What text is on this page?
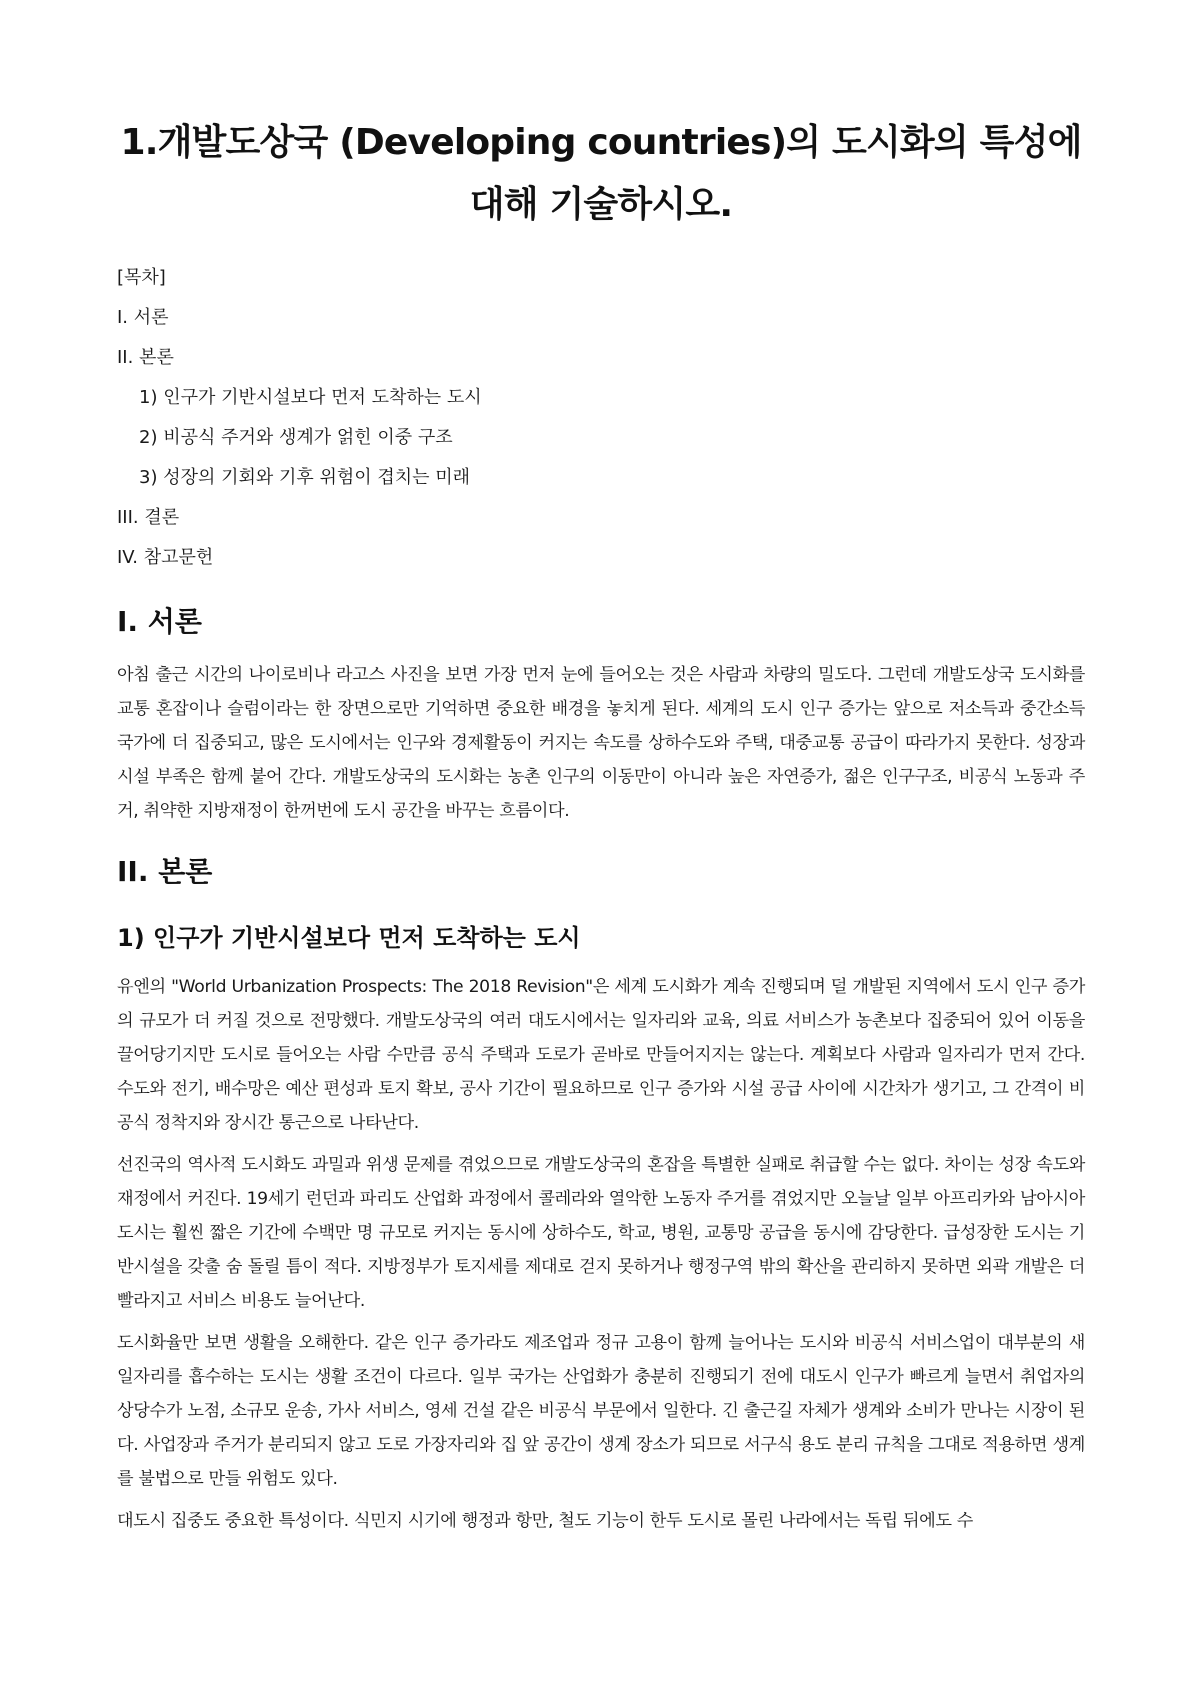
1.개발도상국 (Developing countries)의 도시화의 특성에 대해 기술하시오.
[목차]
I. 서론
II. 본론
1) 인구가 기반시설보다 먼저 도착하는 도시
2) 비공식 주거와 생계가 얽힌 이중 구조
3) 성장의 기회와 기후 위험이 겹치는 미래
III. 결론
IV. 참고문헌
I. 서론

아침 출근 시간의 나이로비나 라고스 사진을 보면 가장 먼저 눈에 들어오는 것은 사람과 차량의 밀도다. 그런데 개발도상국 도시화를 교통 혼잡이나 슬럼이라는 한 장면으로만 기억하면 중요한 배경을 놓치게 된다. 세계의 도시 인구 증가는 앞으로 저소득과 중간소득 국가에 더 집중되고, 많은 도시에서는 인구와 경제활동이 커지는 속도를 상하수도와 주택, 대중교통 공급이 따라가지 못한다. 성장과 시설 부족은 함께 붙어 간다. 개발도상국의 도시화는 농촌 인구의 이동만이 아니라 높은 자연증가, 젊은 인구구조, 비공식 노동과 주거, 취약한 지방재정이 한꺼번에 도시 공간을 바꾸는 흐름이다.

II. 본론
1) 인구가 기반시설보다 먼저 도착하는 도시

유엔의 "World Urbanization Prospects: The 2018 Revision"은 세계 도시화가 계속 진행되며 덜 개발된 지역에서 도시 인구 증가의 규모가 더 커질 것으로 전망했다. 개발도상국의 여러 대도시에서는 일자리와 교육, 의료 서비스가 농촌보다 집중되어 있어 이동을 끌어당기지만 도시로 들어오는 사람 수만큼 공식 주택과 도로가 곧바로 만들어지지는 않는다. 계획보다 사람과 일자리가 먼저 간다. 수도와 전기, 배수망은 예산 편성과 토지 확보, 공사 기간이 필요하므로 인구 증가와 시설 공급 사이에 시간차가 생기고, 그 간격이 비공식 정착지와 장시간 통근으로 나타난다.

선진국의 역사적 도시화도 과밀과 위생 문제를 겪었으므로 개발도상국의 혼잡을 특별한 실패로 취급할 수는 없다. 차이는 성장 속도와 재정에서 커진다. 19세기 런던과 파리도 산업화 과정에서 콜레라와 열악한 노동자 주거를 겪었지만 오늘날 일부 아프리카와 남아시아 도시는 훨씬 짧은 기간에 수백만 명 규모로 커지는 동시에 상하수도, 학교, 병원, 교통망 공급을 동시에 감당한다. 급성장한 도시는 기반시설을 갖출 숨 돌릴 틈이 적다. 지방정부가 토지세를 제대로 걷지 못하거나 행정구역 밖의 확산을 관리하지 못하면 외곽 개발은 더 빨라지고 서비스 비용도 늘어난다.

도시화율만 보면 생활을 오해한다. 같은 인구 증가라도 제조업과 정규 고용이 함께 늘어나는 도시와 비공식 서비스업이 대부분의 새 일자리를 흡수하는 도시는 생활 조건이 다르다. 일부 국가는 산업화가 충분히 진행되기 전에 대도시 인구가 빠르게 늘면서 취업자의 상당수가 노점, 소규모 운송, 가사 서비스, 영세 건설 같은 비공식 부문에서 일한다. 긴 출근길 자체가 생계와 소비가 만나는 시장이 된다. 사업장과 주거가 분리되지 않고 도로 가장자리와 집 앞 공간이 생계 장소가 되므로 서구식 용도 분리 규칙을 그대로 적용하면 생계를 불법으로 만들 위험도 있다.

대도시 집중도 중요한 특성이다. 식민지 시기에 행정과 항만, 철도 기능이 한두 도시로 몰린 나라에서는 독립 뒤에도 수
